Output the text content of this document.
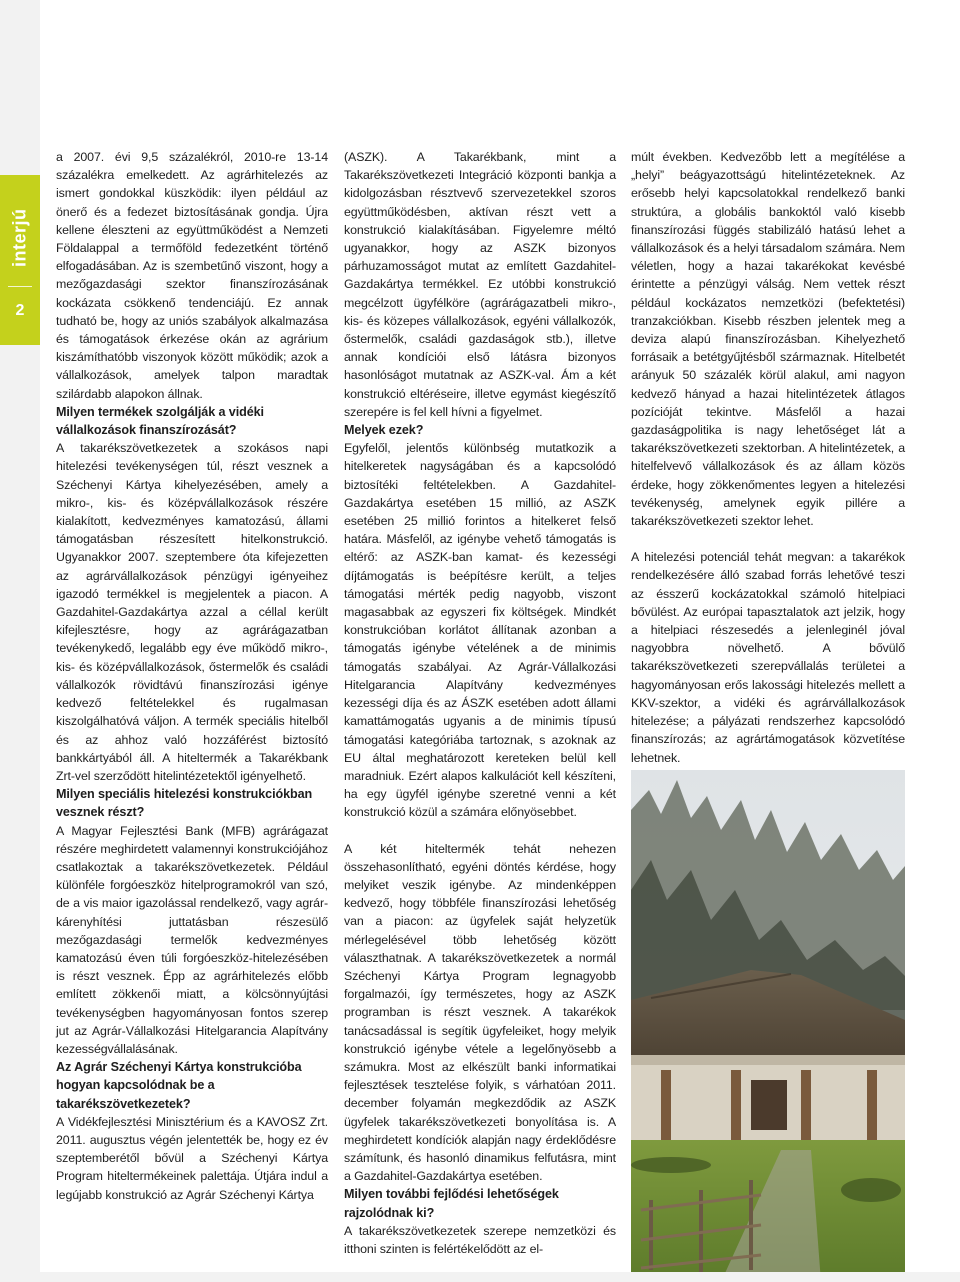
interjú
2

a 2007. évi 9,5 százalékról, 2010-re 13-14 százalékra emelkedett. Az agrárhitelezés az ismert gondokkal küszködik: ilyen például az önerő és a fedezet biztosításának gondja. Újra kellene éleszteni az együttműködést a Nemzeti Földalappal a termőföld fedezetként történő elfogadásában. Az is szembetűnő viszont, hogy a mezőgazdasági szektor finanszírozásának kockázata csökkenő tendenciájú. Ez annak tudható be, hogy az uniós szabályok alkalmazása és támogatások érkezése okán az agrárium kiszámíthatóbb viszonyok között működik; azok a vállalkozások, amelyek talpon maradtak szilárdabb alapokon állnak.

Milyen termékek szolgálják a vidéki vállalkozások finanszírozását?

A takarékszövetkezetek a szokásos napi hitelezési tevékenységen túl, részt vesznek a Széchenyi Kártya kihelyezésében, amely a mikro-, kis- és középvállalkozások részére kialakított, kedvezményes kamatozású, állami támogatásban részesített hitelkonstrukció. Ugyanakkor 2007. szeptembere óta kifejezetten az agrárvállalkozások pénzügyi igényeihez igazodó termékkel is megjelentek a piacon. A Gazdahitel-Gazdakártya azzal a céllal került kifejlesztésre, hogy az agrárágazatban tevékenykedő, legalább egy éve működő mikro-, kis- és középvállalkozások, őstermelők és családi vállalkozók rövidtávú finanszírozási igénye kedvező feltételekkel és rugalmasan kiszolgálhatóvá váljon. A termék speciális hitelből és az ahhoz való hozzáférést biztosító bankkártyából áll. A hiteltermék a Takarékbank Zrt-vel szerződött hitelintézetektől igényelhető.

Milyen speciális hitelezési konstrukciókban vesznek részt?

A Magyar Fejlesztési Bank (MFB) agrárágazat részére meghirdetett valamennyi konstrukciójához csatlakoztak a takarékszövetkezetek. Például különféle forgóeszköz hitelprogramokról van szó, de a vis maior igazolással rendelkező, vagy agrár-kárenyhítési juttatásban részesülő mezőgazdasági termelők kedvezményes kamatozású éven túli forgóeszköz-hitelezésében is részt vesznek. Épp az agrárhitelezés előbb említett zökkenői miatt, a kölcsönnyújtási tevékenységben hagyományosan fontos szerep jut az Agrár-Vállalkozási Hitelgarancia Alapítvány kezességvállalásának.

Az Agrár Széchenyi Kártya konstrukcióba hogyan kapcsolódnak be a takarékszövetkezetek?

A Vidékfejlesztési Minisztérium és a KAVOSZ Zrt. 2011. augusztus végén jelentették be, hogy ez év szeptemberétől bővül a Széchenyi Kártya Program hiteltermékeinek palettája. Útjára indul a legújabb konstrukció az Agrár Széchenyi Kártya

(ASZK). A Takarékbank, mint a Takarékszövetkezeti Integráció központi bankja a kidolgozásban résztvevő szervezetekkel szoros együttműködésben, aktívan részt vett a konstrukció kialakításában. Figyelemre méltó ugyanakkor, hogy az ASZK bizonyos párhuzamosságot mutat az említett Gazdahitel-Gazdakártya termékkel. Ez utóbbi konstrukció megcélzott ügyfélköre (agrárágazatbeli mikro-, kis- és közepes vállalkozások, egyéni vállalkozók, őstermelők, családi gazdaságok stb.), illetve annak kondíciói első látásra bizonyos hasonlóságot mutatnak az ASZK-val. Ám a két konstrukció eltéréseire, illetve egymást kiegészítő szerepére is fel kell hívni a figyelmet.

Melyek ezek?

Egyfelől, jelentős különbség mutatkozik a hitelkeretek nagyságában és a kapcsolódó biztosítéki feltételekben. A Gazdahitel-Gazdakártya esetében 15 millió, az ASZK esetében 25 millió forintos a hitelkeret felső határa. Másfelől, az igénybe vehető támogatás is eltérő: az ASZK-ban kamat- és kezességi díjtámogatás is beépítésre került, a teljes támogatási mérték pedig nagyobb, viszont magasabbak az egyszeri fix költségek. Mindkét konstrukcióban korlátot állítanak azonban a támogatás igénybe vételének a de minimis támogatás szabályai. Az Agrár-Vállalkozási Hitelgarancia Alapítvány kedvezményes kezességi díja és az ÁSZK esetében adott állami kamattámogatás ugyanis a de minimis típusú támogatási kategóriába tartoznak, s azoknak az EU által meghatározott kereteken belül kell maradniuk. Ezért alapos kalkulációt kell készíteni, ha egy ügyfél igénybe szeretné venni a két konstrukció közül a számára előnyösebbet.

A két hiteltermék tehát nehezen összehasonlítható, egyéni döntés kérdése, hogy melyiket veszik igénybe. Az mindenképpen kedvező, hogy többféle finanszírozási lehetőség van a piacon: az ügyfelek saját helyzetük mérlegelésével több lehetőség között választhatnak. A takarékszövetkezetek a normál Széchenyi Kártya Program legnagyobb forgalmazói, így természetes, hogy az ASZK programban is részt vesznek. A takarékok tanácsadással is segítik ügyfeleiket, hogy melyik konstrukció igénybe vétele a legelőnyösebb a számukra. Most az elkészült banki informatikai fejlesztések tesztelése folyik, s várhatóan 2011. december folyamán megkezdődik az ASZK ügyfelek takarékszövetkezeti bonyolítása is. A meghirdetett kondíciók alapján nagy érdeklődésre számítunk, és hasonló dinamikus felfutásra, mint a Gazdahitel-Gazdakártya esetében.

Milyen további fejlődési lehetőségek rajzolódnak ki?

A takarékszövetkezetek szerepe nemzetközi és itthoni szinten is felértékelődött az el-

múlt években. Kedvezőbb lett a megítélése a „helyi” beágyazottságú hitelintézeteknek. Az erősebb helyi kapcsolatokkal rendelkező banki struktúra, a globális bankoktól való kisebb finanszírozási függés stabilizáló hatású lehet a vállalkozások és a helyi társadalom számára. Nem véletlen, hogy a hazai takarékokat kevésbé érintette a pénzügyi válság. Nem vettek részt például kockázatos nemzetközi (befektetési) tranzakciókban. Kisebb részben jelentek meg a deviza alapú finanszírozásban. Kihelyezhető forrásaik a betétgyűjtésből származnak. Hitelbetét arányuk 50 százalék körül alakul, ami nagyon kedvező hányad a hazai hitelintézetek átlagos pozícióját tekintve. Másfelől a hazai gazdaságpolitika is nagy lehetőséget lát a takarékszövetkezeti szektorban. A hitelintézetek, a hitelfelvevő vállalkozások és az állam közös érdeke, hogy zökkenőmentes legyen a hitelezési tevékenység, amelynek egyik pillére a takarékszövetkezeti szektor lehet.

A hitelezési potenciál tehát megvan: a takarékok rendelkezésére álló szabad forrás lehetővé teszi az ésszerű kockázatokkal számoló hitelpiaci bővülést. Az európai tapasztalatok azt jelzik, hogy a hitelpiaci részesedés a jelenleginél jóval nagyobbra növelhető. A bővülő takarékszövetkezeti szerepvállalás területei a hagyományosan erős lakossági hitelezés mellett a KKV-szektor, a vidéki és agrárvállalkozások hitelezése; a pályázati rendszerhez kapcsolódó finanszírozás; az agrártámogatások közvetítése lehetnek.
